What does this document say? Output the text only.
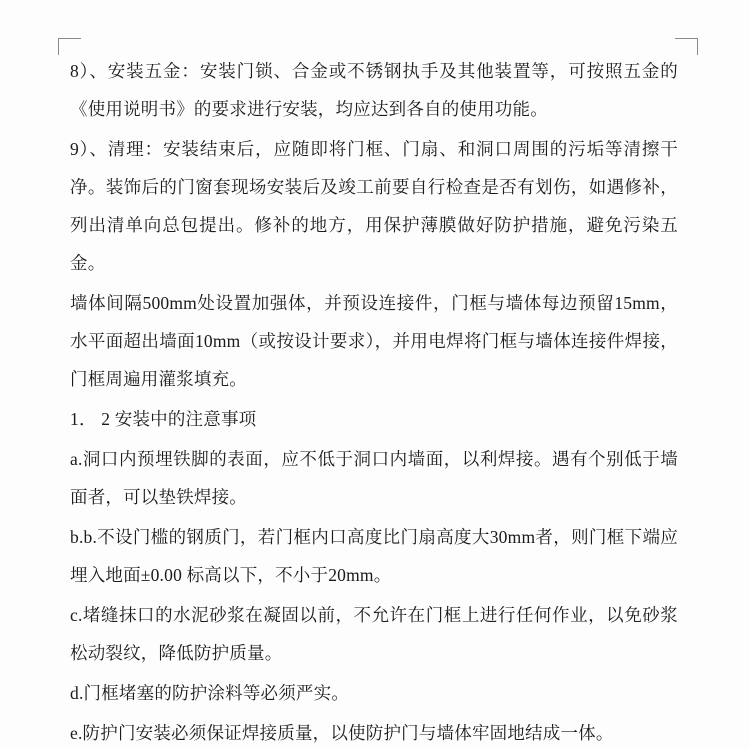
8）、安装五金：安装门锁、合金或不锈钢执手及其他装置等，可按照五金的《使用说明书》的要求进行安装，均应达到各自的使用功能。

9）、清理：安装结束后，应随即将门框、门扇、和洞口周围的污垢等清擦干净。装饰后的门窗套现场安装后及竣工前要自行检查是否有划伤，如遇修补，列出清单向总包提出。修补的地方，用保护薄膜做好防护措施，避免污染五金。

墙体间隔500mm处设置加强体，并预设连接件，门框与墙体每边预留15mm，水平面超出墙面10mm（或按设计要求），并用电焊将门框与墙体连接件焊接，门框周遍用灌浆填充。

1． 2 安装中的注意事项

a.洞口内预埋铁脚的表面，应不低于洞口内墙面，以利焊接。遇有个别低于墙面者，可以垫铁焊接。

b.b.不设门槛的钢质门，若门框内口高度比门扇高度大30mm者，则门框下端应埋入地面±0.00 标高以下，不小于20mm。

c.堵缝抹口的水泥砂浆在凝固以前，不允许在门框上进行任何作业，以免砂浆松动裂纹，降低防护质量。

d.门框堵塞的防护涂料等必须严实。

e.防护门安装必须保证焊接质量，以使防护门与墙体牢固地结成一体。
